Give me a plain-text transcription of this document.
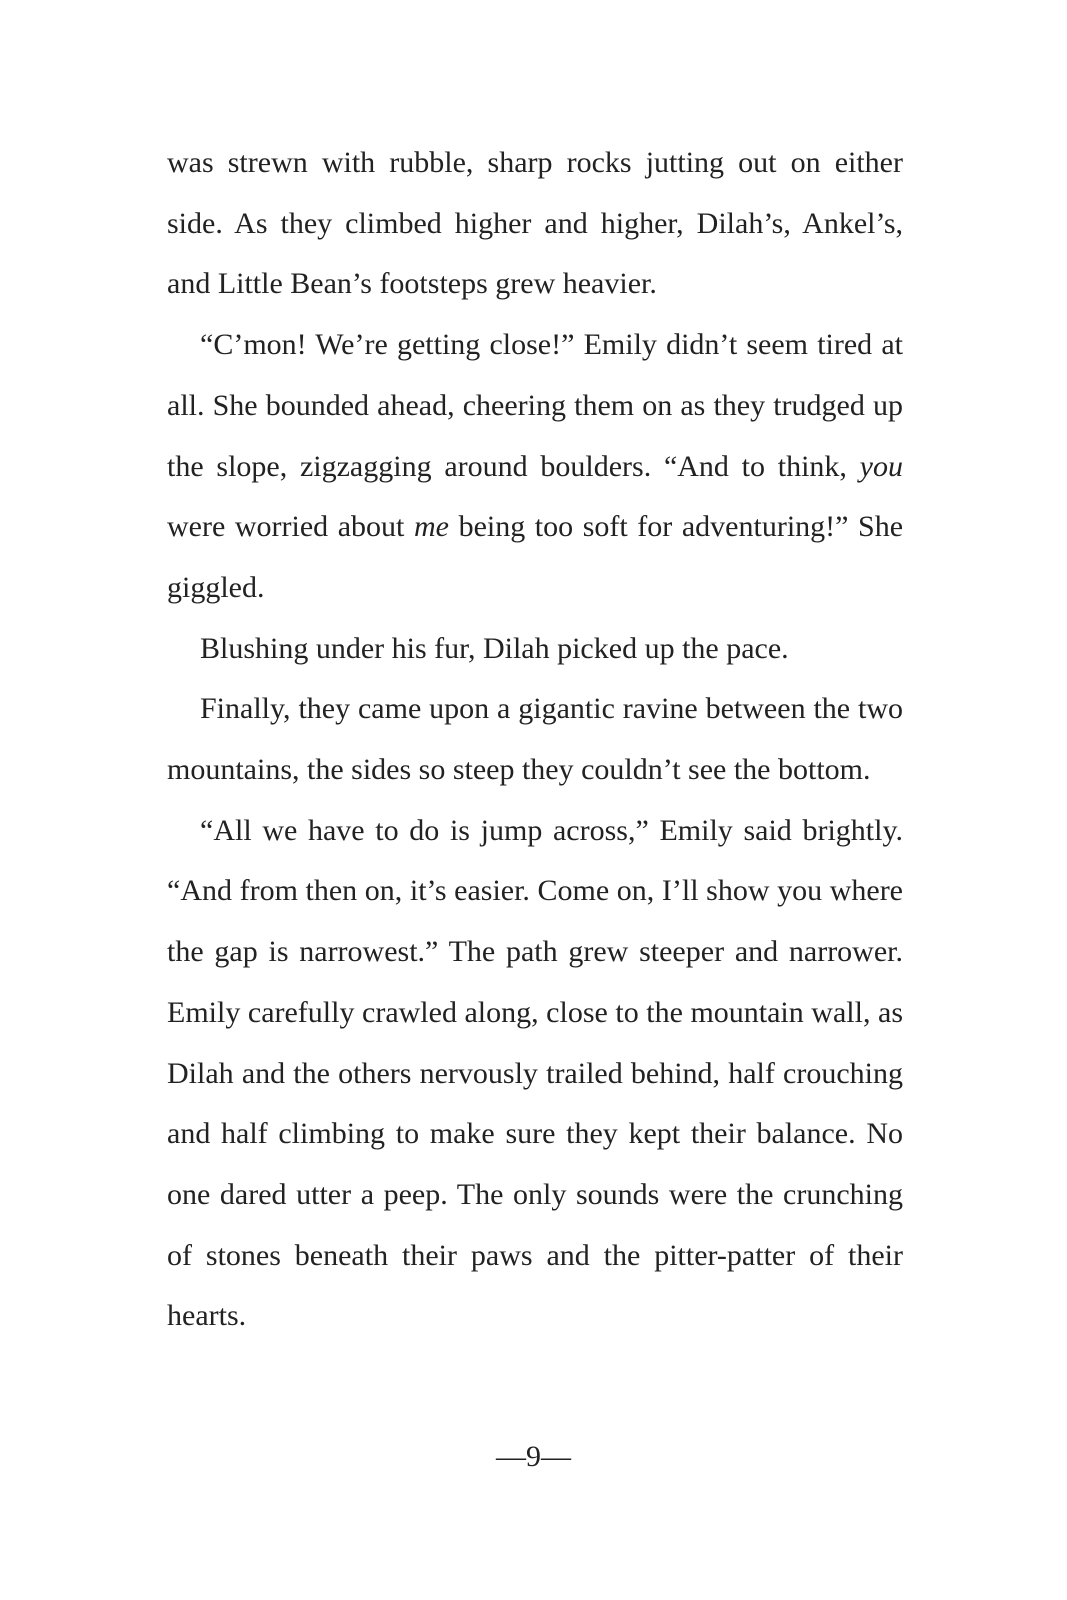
was strewn with rubble, sharp rocks jutting out on either side. As they climbed higher and higher, Dilah’s, Ankel’s, and Little Bean’s footsteps grew heavier.

“C’mon! We’re getting close!” Emily didn’t seem tired at all. She bounded ahead, cheering them on as they trudged up the slope, zigzagging around boulders. “And to think, you were worried about me being too soft for adventuring!” She giggled.

Blushing under his fur, Dilah picked up the pace.

Finally, they came upon a gigantic ravine between the two mountains, the sides so steep they couldn’t see the bottom.

“All we have to do is jump across,” Emily said brightly. “And from then on, it’s easier. Come on, I’ll show you where the gap is narrowest.” The path grew steeper and narrower. Emily carefully crawled along, close to the mountain wall, as Dilah and the others nervously trailed behind, half crouching and half climbing to make sure they kept their balance. No one dared utter a peep. The only sounds were the crunching of stones beneath their paws and the pitter-patter of their hearts.

—9—
